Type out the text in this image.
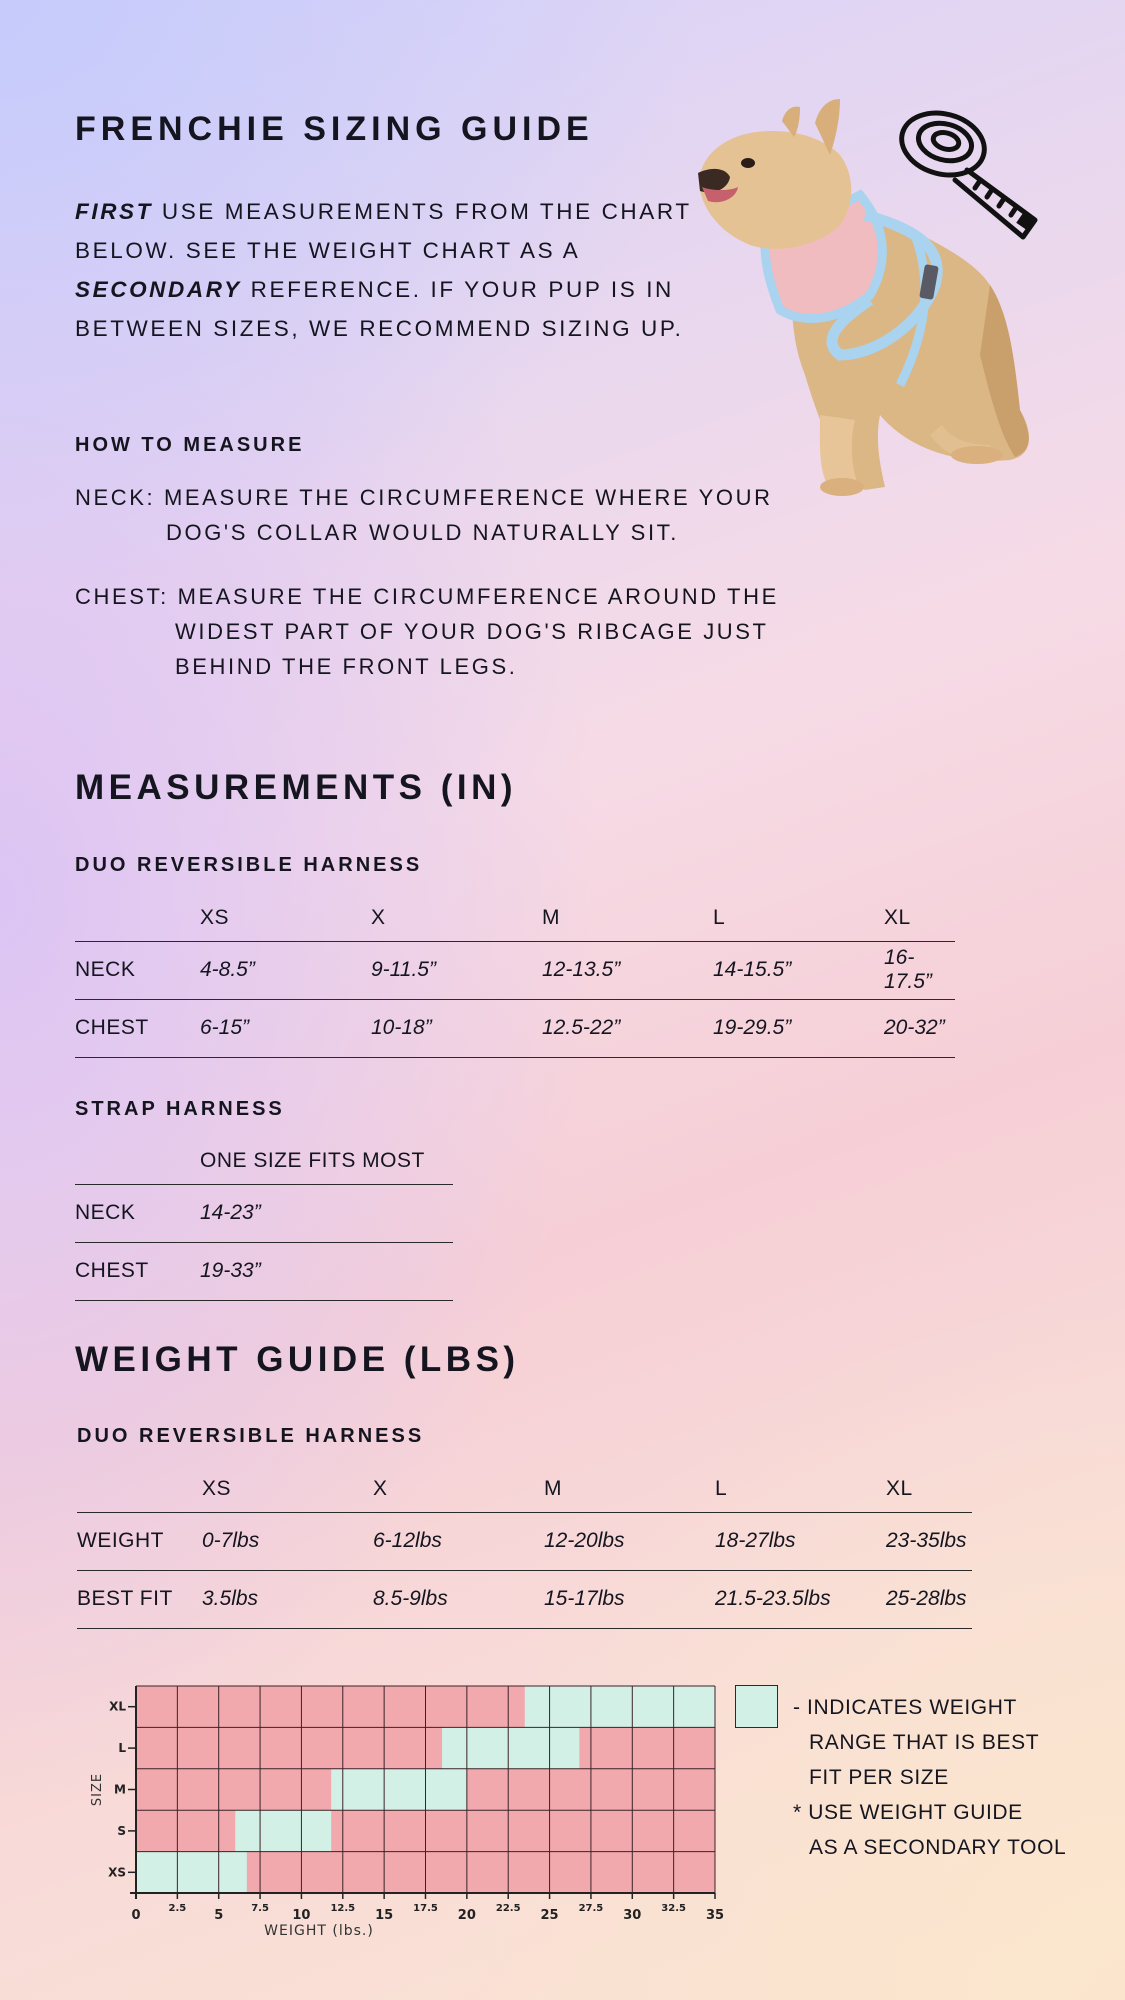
FRENCHIE SIZING GUIDE
FIRST USE MEASUREMENTS FROM THE CHART BELOW. SEE THE WEIGHT CHART AS A SECONDARY REFERENCE. IF YOUR PUP IS IN BETWEEN SIZES, WE RECOMMEND SIZING UP.
HOW TO MEASURE
NECK: MEASURE THE CIRCUMFERENCE WHERE YOUR
DOG'S COLLAR WOULD NATURALLY SIT.
CHEST: MEASURE THE CIRCUMFERENCE AROUND THE
WIDEST PART OF YOUR DOG'S RIBCAGE JUST
BEHIND THE FRONT LEGS.
MEASUREMENTS (IN)
DUO REVERSIBLE HARNESS
	XS	X	M	L	XL
NECK	4-8.5”	9-11.5”	12-13.5”	14-15.5”	16-17.5”
CHEST	6-15”	10-18”	12.5-22”	19-29.5”	20-32”
STRAP HARNESS
	ONE SIZE FITS MOST
NECK	14-23”
CHEST	19-33”
WEIGHT GUIDE (LBS)
DUO REVERSIBLE HARNESS
	XS	X	M	L	XL
WEIGHT	0-7lbs	6-12lbs	12-20lbs	18-27lbs	23-35lbs
BEST FIT	3.5lbs	8.5-9lbs	15-17lbs	21.5-23.5lbs	25-28lbs
0	2.5 5	7.5 10 12.5 15 17.5 20 22.5 25 27.5 30 32.5 35
XS
S
M
L
XL
WEIGHT (lbs.)
SIZE
- INDICATES WEIGHT
RANGE THAT IS BEST
FIT PER SIZE
* USE WEIGHT GUIDE
AS A SECONDARY TOOL
